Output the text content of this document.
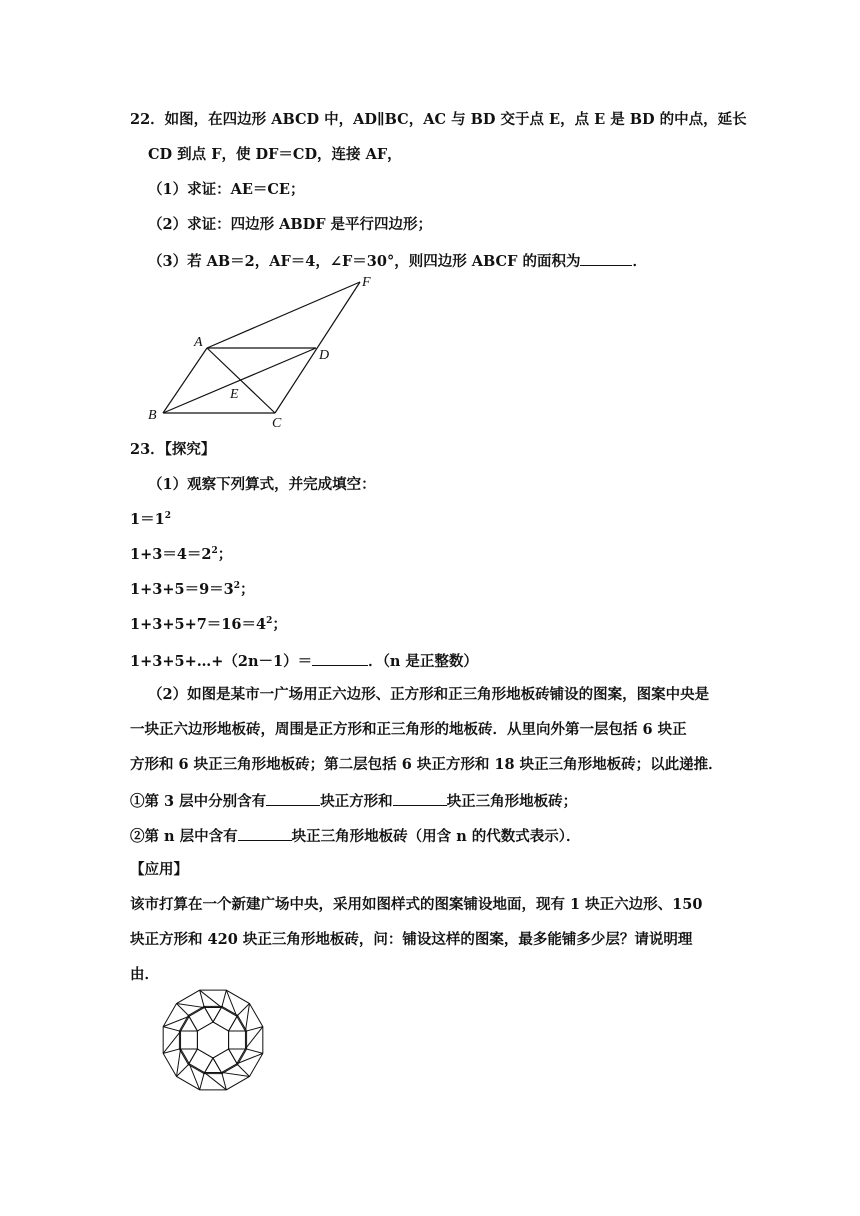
22．如图，在四边形 ABCD 中，AD∥BC，AC 与 BD 交于点 E，点 E 是 BD 的中点，延长
CD 到点 F，使 DF＝CD，连接 AF，
（1）求证：AE＝CE；
（2）求证：四边形 ABDF 是平行四边形；
（3）若 AB＝2，AF＝4，∠F＝30°，则四边形 ABCF 的面积为	．
A
B
C
D
E
F
23．【探究】
（1）观察下列算式，并完成填空：
$1=1^2$
$1+3=4=2^2$；
$1+3+5=9=3^2$；
$1+3+5+7=16=4^2$；
1+3+5+…+（2n－1）＝	．（n 是正整数）
（2）如图是某市一广场用正六边形、正方形和正三角形地板砖铺设的图案，图案中央是
一块正六边形地板砖，周围是正方形和正三角形的地板砖．从里向外第一层包括 6 块正
方形和 6 块正三角形地板砖；第二层包括 6 块正方形和 18 块正三角形地板砖；以此递推．
①第 3 层中分别含有	块正方形和	块正三角形地板砖；
②第 n 层中含有	块正三角形地板砖（用含 n 的代数式表示）．
【应用】
该市打算在一个新建广场中央，采用如图样式的图案铺设地面，现有 1 块正六边形、150
块正方形和 420 块正三角形地板砖，问：铺设这样的图案，最多能铺多少层？请说明理
由．
